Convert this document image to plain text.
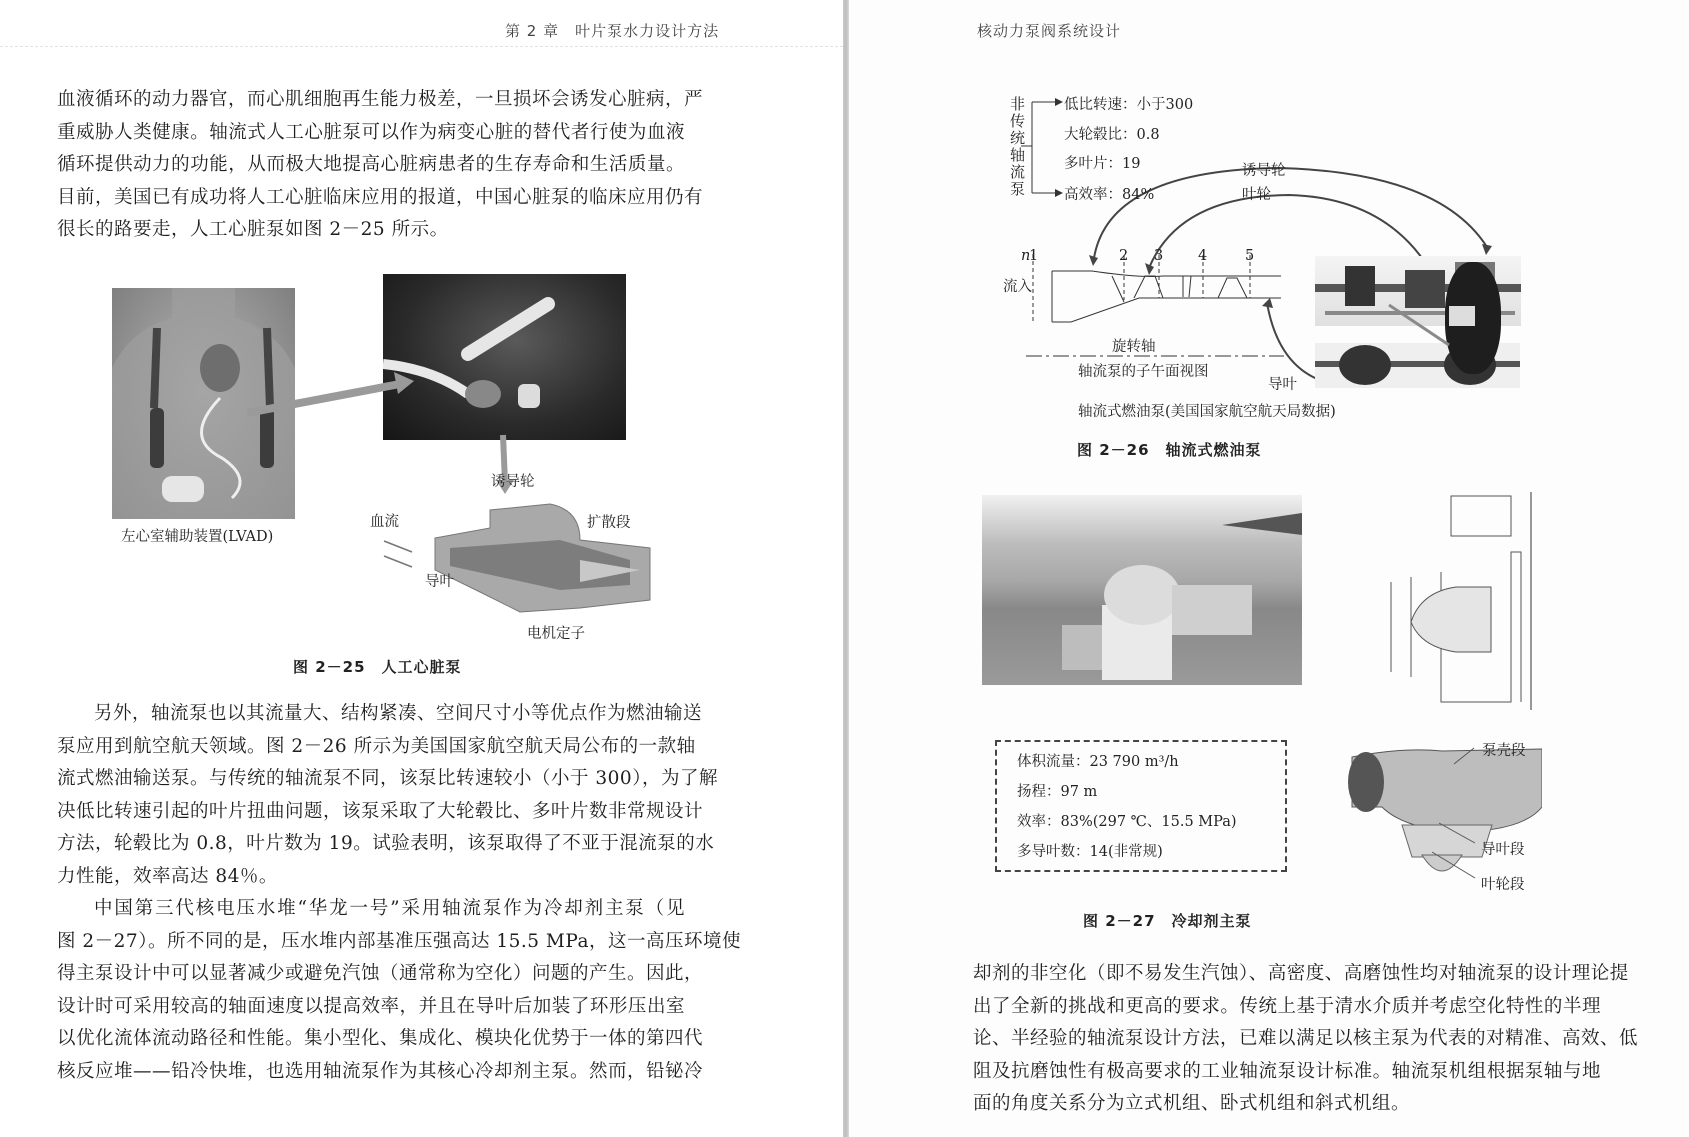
第 2 章　叶片泵水力设计方法
血液循环的动力器官，而心肌细胞再生能力极差，一旦损坏会诱发心脏病，严
重威胁人类健康。轴流式人工心脏泵可以作为病变心脏的替代者行使为血液
循环提供动力的功能，从而极大地提高心脏病患者的生存寿命和生活质量。
目前，美国已有成功将人工心脏临床应用的报道，中国心脏泵的临床应用仍有
很长的路要走，人工心脏泵如图 2－25 所示。
左心室辅助装置(LVAD)
诱导轮
血流	扩散段
导叶
电机定子
图 2－25　人工心脏泵
另外，轴流泵也以其流量大、结构紧凑、空间尺寸小等优点作为燃油输送
泵应用到航空航天领域。图 2－26 所示为美国国家航空航天局公布的一款轴
流式燃油输送泵。与传统的轴流泵不同，该泵比转速较小（小于 300），为了解
决低比转速引起的叶片扭曲问题，该泵采取了大轮毂比、多叶片数非常规设计
方法，轮毂比为 0.8，叶片数为 19。试验表明，该泵取得了不亚于混流泵的水
力性能，效率高达 84％。
中国第三代核电压水堆“华龙一号”采用轴流泵作为冷却剂主泵（见
图 2－27）。所不同的是，压水堆内部基准压强高达 15.5 MPa，这一高压环境使
得主泵设计中可以显著减少或避免汽蚀（通常称为空化）问题的产生。因此，
设计时可采用较高的轴面速度以提高效率，并且在导叶后加装了环形压出室
以优化流体流动路径和性能。集小型化、集成化、模块化优势于一体的第四代
核反应堆——铅冷快堆，也选用轴流泵作为其核心冷却剂主泵。然而，铅铋冷
核动力泵阀系统设计
非传统轴流泵
低比转速：小于300
大轮毂比：0.8
多叶片：19
高效率：84%
诱导轮
叶轮
n
1	2 3 4	5
流入
旋转轴
轴流泵的子午面视图
导叶
轴流式燃油泵(美国国家航空航天局数据)
图 2－26　轴流式燃油泵
体积流量：23 790 m³/h
扬程：97 m
效率：83%(297 ℃、15.5 MPa)
多导叶数：14(非常规)
泵壳段
导叶段
叶轮段
图 2－27　冷却剂主泵
却剂的非空化（即不易发生汽蚀）、高密度、高磨蚀性均对轴流泵的设计理论提
出了全新的挑战和更高的要求。传统上基于清水介质并考虑空化特性的半理
论、半经验的轴流泵设计方法，已难以满足以核主泵为代表的对精准、高效、低
阻及抗磨蚀性有极高要求的工业轴流泵设计标准。轴流泵机组根据泵轴与地
面的角度关系分为立式机组、卧式机组和斜式机组。
